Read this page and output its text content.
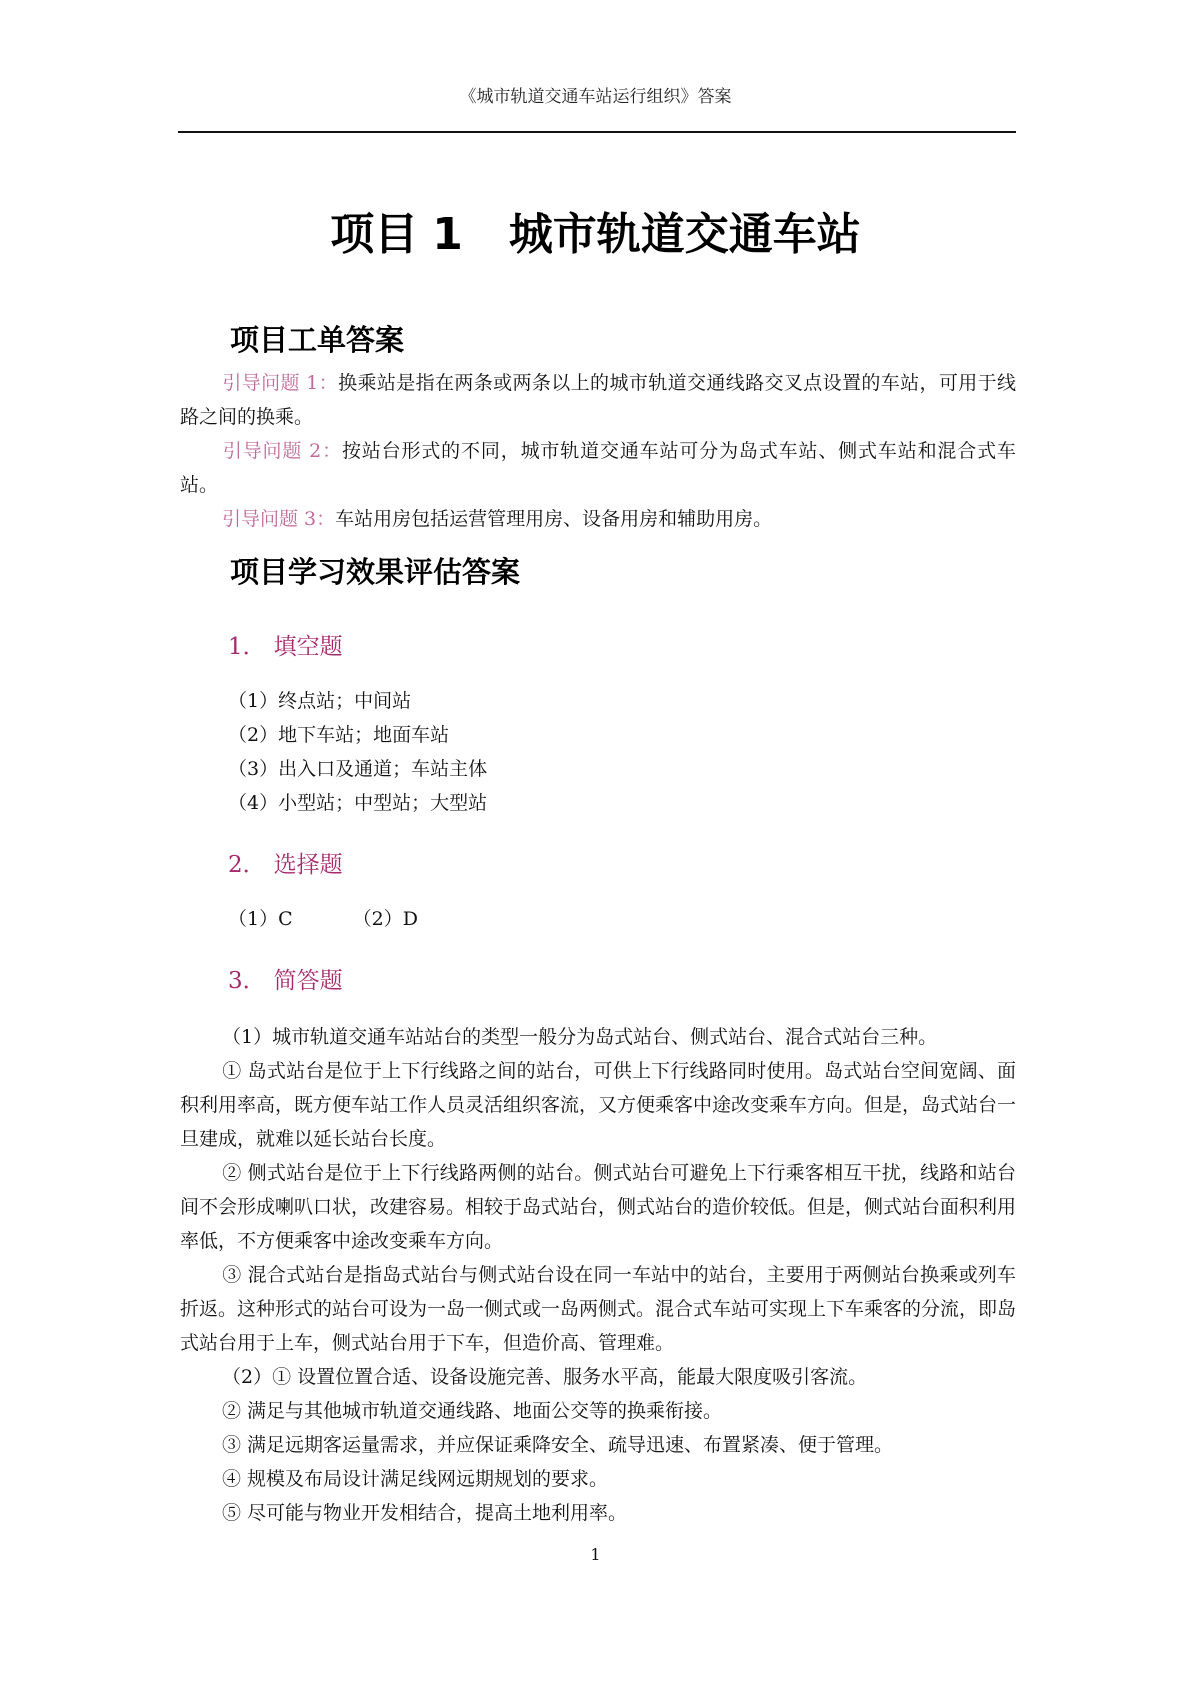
《城市轨道交通车站运行组织》答案
项目 1 城市轨道交通车站
项目工单答案

引导问题 1：换乘站是指在两条或两条以上的城市轨道交通线路交叉点设置的车站，可用于线路之间的换乘。

引导问题 2：按站台形式的不同，城市轨道交通车站可分为岛式车站、侧式车站和混合式车站。

引导问题 3：车站用房包括运营管理用房、设备用房和辅助用房。

项目学习效果评估答案
1． 填空题
（1）终点站；中间站
（2）地下车站；地面车站
（3）出入口及通道；车站主体
（4）小型站；中型站；大型站
2． 选择题
（1）C	（2）D
3． 简答题

（1）城市轨道交通车站站台的类型一般分为岛式站台、侧式站台、混合式站台三种。

① 岛式站台是位于上下行线路之间的站台，可供上下行线路同时使用。岛式站台空间宽阔、面积利用率高，既方便车站工作人员灵活组织客流，又方便乘客中途改变乘车方向。但是，岛式站台一旦建成，就难以延长站台长度。

② 侧式站台是位于上下行线路两侧的站台。侧式站台可避免上下行乘客相互干扰，线路和站台间不会形成喇叭口状，改建容易。相较于岛式站台，侧式站台的造价较低。但是，侧式站台面积利用率低，不方便乘客中途改变乘车方向。

③ 混合式站台是指岛式站台与侧式站台设在同一车站中的站台，主要用于两侧站台换乘或列车折返。这种形式的站台可设为一岛一侧式或一岛两侧式。混合式车站可实现上下车乘客的分流，即岛式站台用于上车，侧式站台用于下车，但造价高、管理难。

（2）① 设置位置合适、设备设施完善、服务水平高，能最大限度吸引客流。

② 满足与其他城市轨道交通线路、地面公交等的换乘衔接。

③ 满足远期客运量需求，并应保证乘降安全、疏导迅速、布置紧凑、便于管理。

④ 规模及布局设计满足线网远期规划的要求。

⑤ 尽可能与物业开发相结合，提高土地利用率。

1
